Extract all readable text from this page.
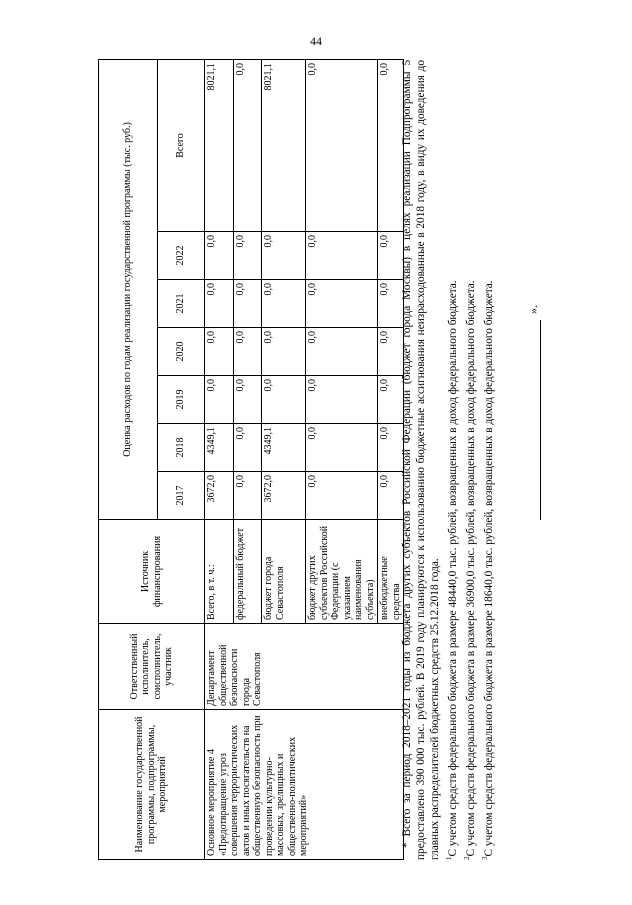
44
Наименование государственной программы, подпрограммы, мероприятий	Ответственный исполнитель, соисполнитель, участник	Источник финансирования	Оценка расходов по годам реализации государственной программы (тыс. руб.)						
			2017	2018	2019	2020	2021	2022	Всего
Основное мероприятие 4 «Предотвращение угроз совершения террористических актов и иных посягательств на общественную безопасность при проведении культурно- массовых, зрелищных и общественно-политических мероприятий»	Департамент общественной безопасности города Севастополя	Всего, в т. ч.:	3672,0	4349,1	0,0	0,0	0,0	0,0	8021,1
		федеральный бюджет	0,0	0,0	0,0	0,0	0,0	0,0	0,0
		бюджет города Севастополя	3672,0	4349,1	0,0	0,0	0,0	0,0	8021,1
		бюджет других субъектов Российской Федерации (с указанием наименования субъекта)	0,0	0,0	0,0	0,0	0,0	0,0	0,0
		внебюджетные средства	0,0	0,0	0,0	0,0	0,0	0,0	0,0 * Всего за период 2018–2021 годы из бюджета других субъектов Российской Федерации (бюджет города Москвы) в целях реализации Подпрограммы 5 предоставлено 390 000 тыс. рублей. В 2019 году планируются к использованию бюджетные ассигнования неизрасходованные в 2018 году, в виду их доведения до главных распределителей бюджетных средств 25.12.2018 года. $^1$С учетом средств федерального бюджета в размере 48440,0 тыс. рублей, возвращенных в доход федерального бюджета.

$^2$С учетом средств федерального бюджета в размере 36900,0 тыс. рублей, возвращенных в доход федерального бюджета.

$^3$С учетом средств федерального бюджета в размере 18640,0 тыс. рублей, возвращенных в доход федерального бюджета.	».
